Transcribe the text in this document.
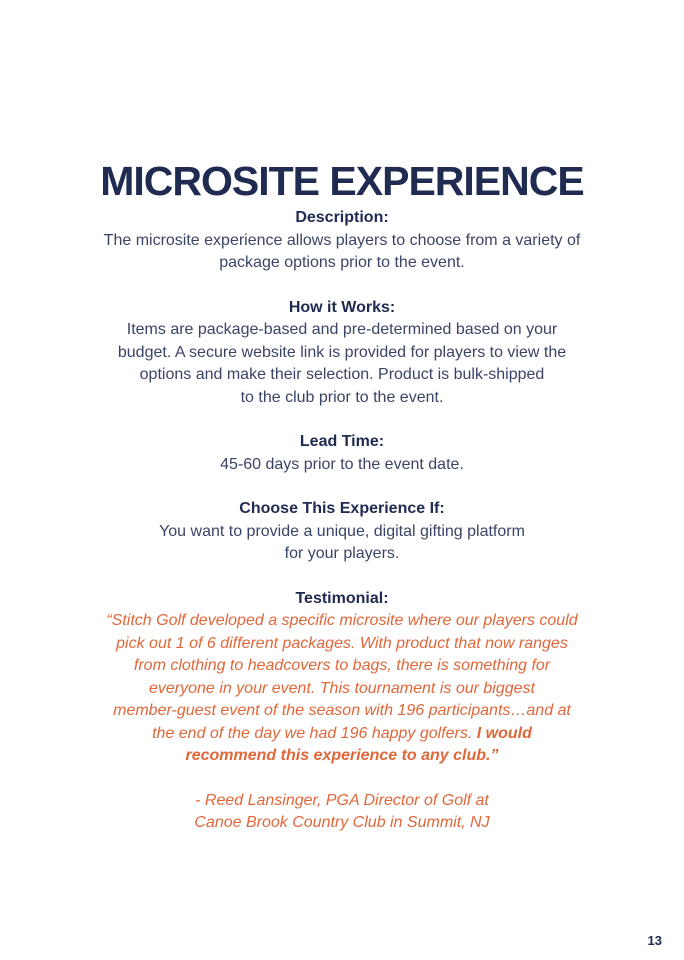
MICROSITE EXPERIENCE
Description:
The microsite experience allows players to choose from a variety of
package options prior to the event.
How it Works:
Items are package-based and pre-determined based on your
budget. A secure website link is provided for players to view the
options and make their selection. Product is bulk-shipped
to the club prior to the event.
Lead Time:
45-60 days prior to the event date.
Choose This Experience If:
You want to provide a unique, digital gifting platform
for your players.
Testimonial:
“Stitch Golf developed a specific microsite where our players could
pick out 1 of 6 different packages. With product that now ranges
from clothing to headcovers to bags, there is something for
everyone in your event. This tournament is our biggest
member-guest event of the season with 196 participants…and at
the end of the day we had 196 happy golfers. I would
recommend this experience to any club.”
- Reed Lansinger, PGA Director of Golf at
Canoe Brook Country Club in Summit, NJ
13
